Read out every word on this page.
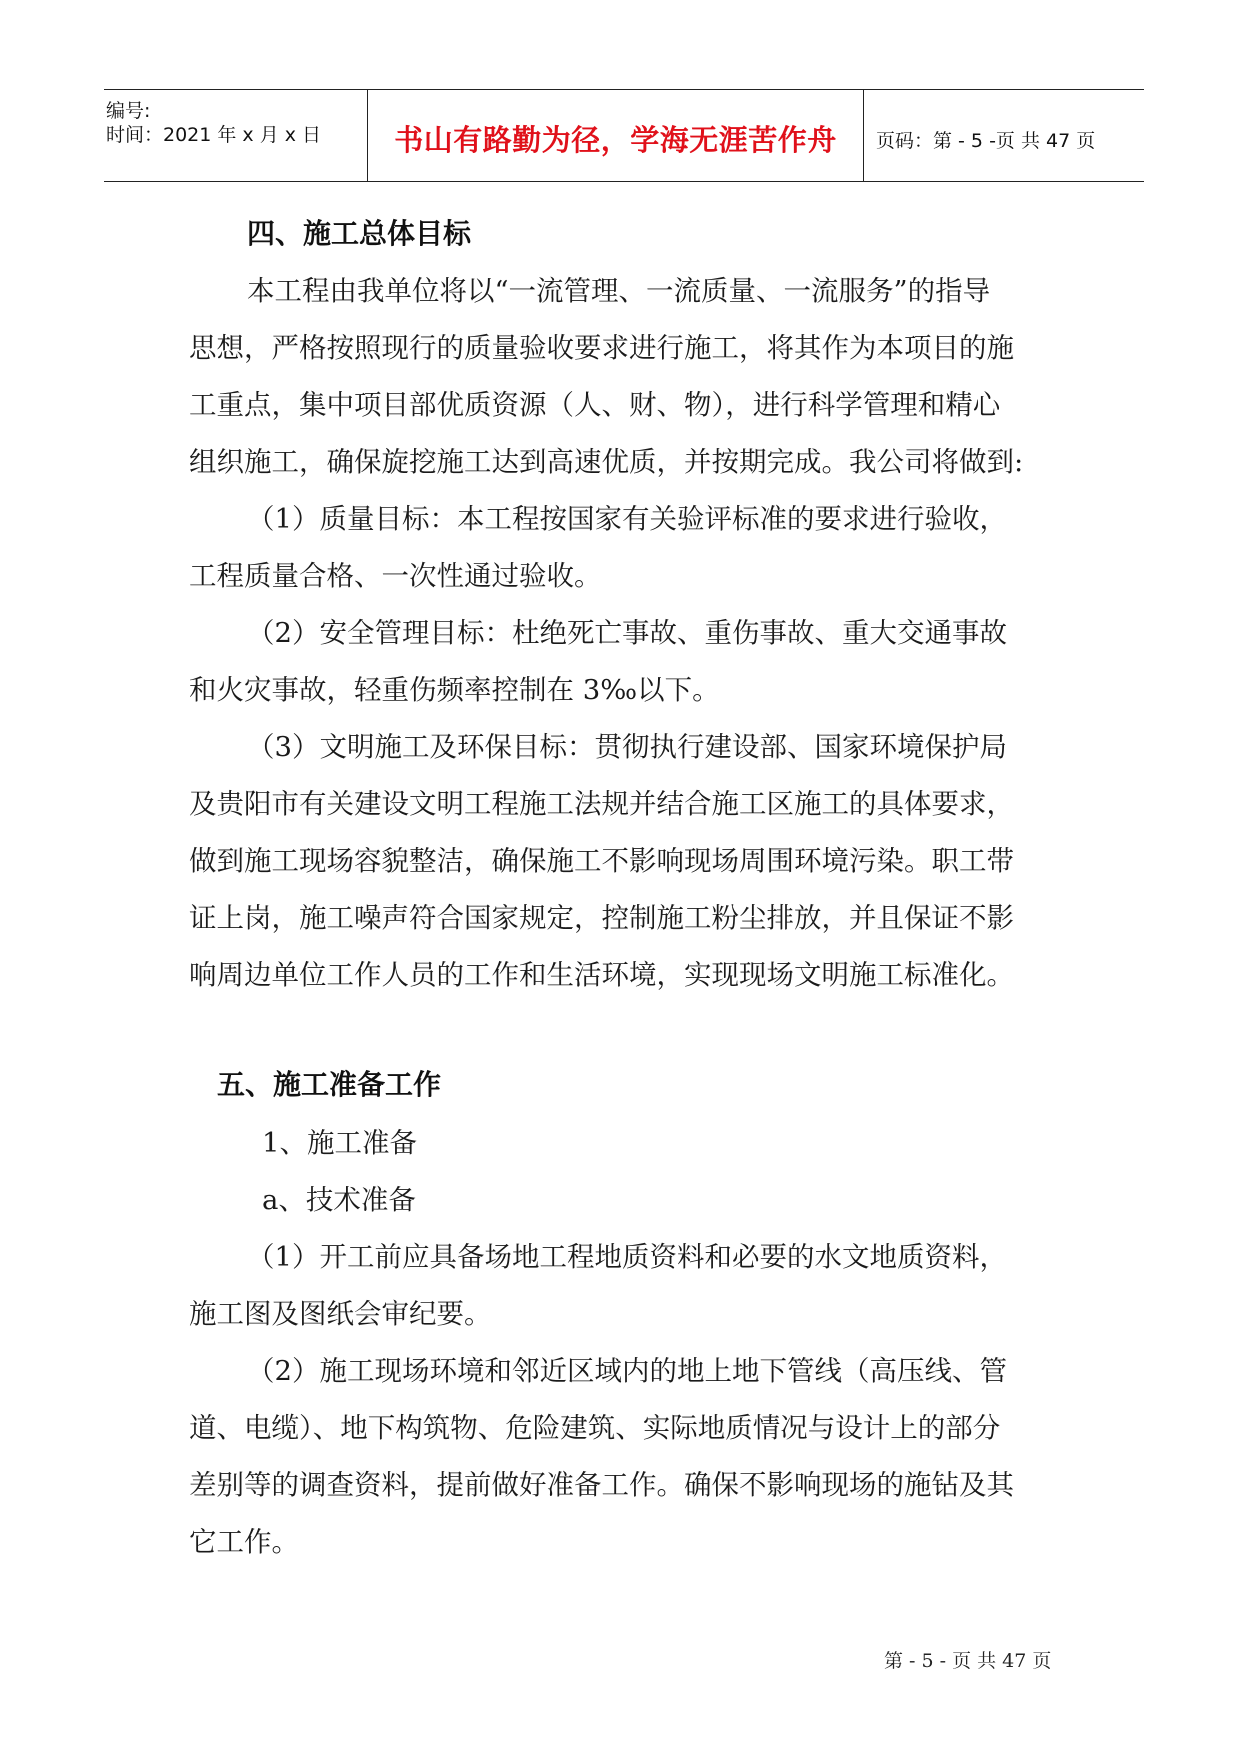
编号:
时间：2021 年 x 月 x 日	书山有路勤为径，学海无涯苦作舟	页码：第 - 5 -页 共 47 页
四、施工总体目标
本工程由我单位将以“一流管理、一流质量、一流服务”的指导
思想，严格按照现行的质量验收要求进行施工，将其作为本项目的施
工重点，集中项目部优质资源（人、财、物），进行科学管理和精心
组织施工，确保旋挖施工达到高速优质，并按期完成。我公司将做到:
（1）质量目标：本工程按国家有关验评标准的要求进行验收，
工程质量合格、一次性通过验收。
（2）安全管理目标：杜绝死亡事故、重伤事故、重大交通事故
和火灾事故，轻重伤频率控制在 3‰以下。
（3）文明施工及环保目标：贯彻执行建设部、国家环境保护局
及贵阳市有关建设文明工程施工法规并结合施工区施工的具体要求，
做到施工现场容貌整洁，确保施工不影响现场周围环境污染。职工带
证上岗，施工噪声符合国家规定，控制施工粉尘排放，并且保证不影
响周边单位工作人员的工作和生活环境，实现现场文明施工标准化。
五、施工准备工作
1、施工准备
a、技术准备
（1）开工前应具备场地工程地质资料和必要的水文地质资料，
施工图及图纸会审纪要。
（2）施工现场环境和邻近区域内的地上地下管线（高压线、管
道、电缆）、地下构筑物、危险建筑、实际地质情况与设计上的部分
差别等的调查资料，提前做好准备工作。确保不影响现场的施钻及其
它工作。
第 - 5 - 页 共 47 页
